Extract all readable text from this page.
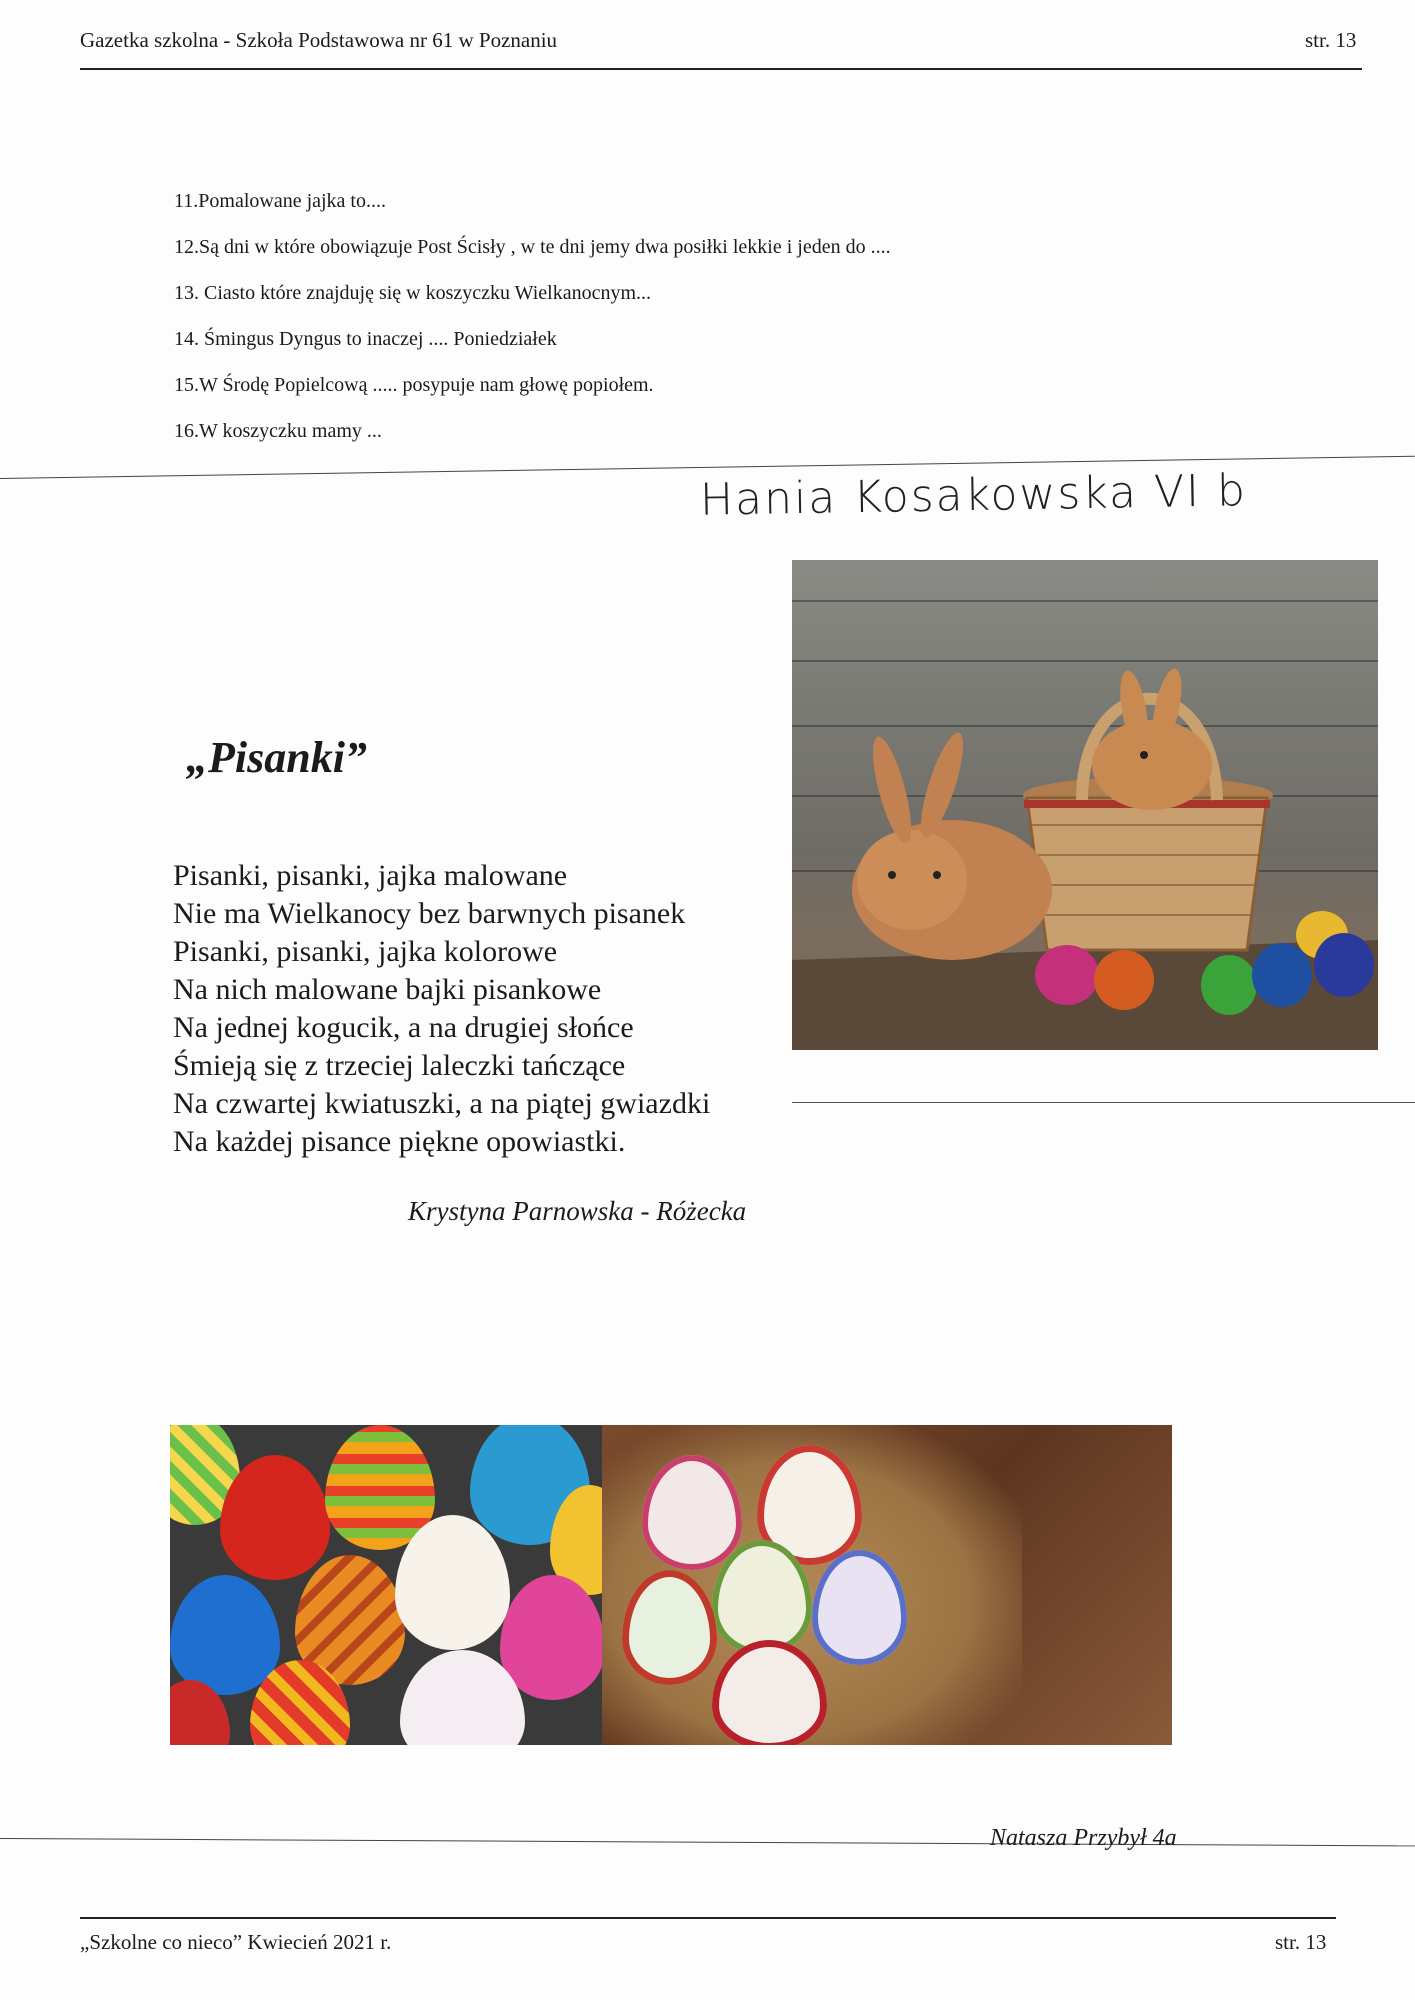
Gazetka szkolna - Szkoła Podstawowa nr 61 w Poznaniu	str. 13
11.Pomalowane jajka to....
12.Są dni w które obowiązuje Post Ścisły , w te dni jemy dwa posiłki lekkie i jeden do ....
13. Ciasto które znajduję się w koszyczku Wielkanocnym...
14. Śmingus Dyngus to inaczej .... Poniedziałek
15.W Środę Popielcową ..... posypuje nam głowę popiołem.
16.W koszyczku mamy ...
Hania Kosakowska VI b
„Pisanki”
Pisanki, pisanki, jajka malowane
Nie ma Wielkanocy bez barwnych pisanek
Pisanki, pisanki, jajka kolorowe
Na nich malowane bajki pisankowe
Na jednej kogucik, a na drugiej słońce
Śmieją się z trzeciej laleczki tańczące
Na czwartej kwiatuszki, a na piątej gwiazdki
Na każdej pisance piękne opowiastki.
Krystyna Parnowska - Różecka
Natasza Przybył 4a
„Szkolne co nieco” Kwiecień 2021 r.	str. 13
